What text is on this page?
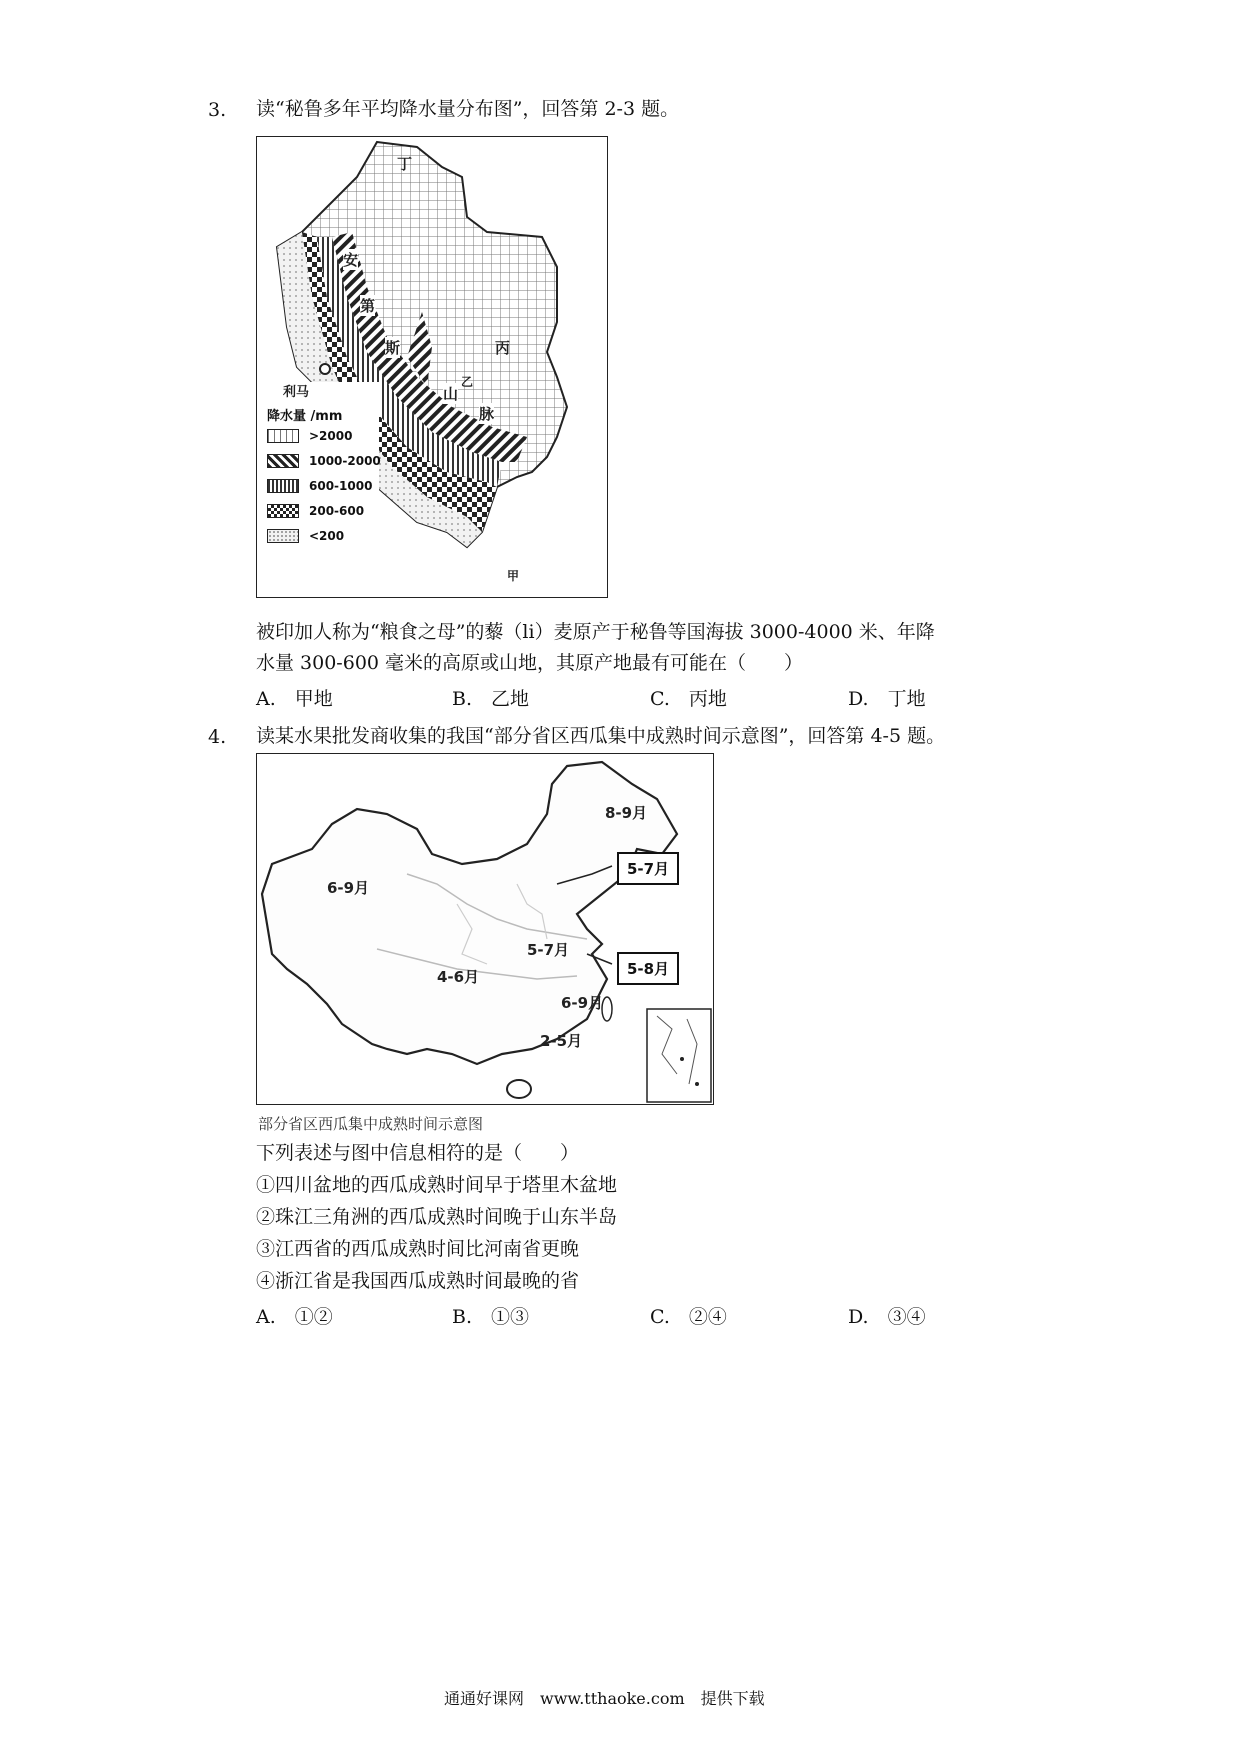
3. 读“秘鲁多年平均降水量分布图”，回答第 2-3 题。
丁
安
第
斯	丙
山
脉
乙
甲
利马
降水量 /mm
>2000
1000-2000
600-1000
200-600
<200
被印加人称为“粮食之母”的藜（li）麦原产于秘鲁等国海拔 3000-4000 米、年降
水量 300-600 毫米的高原或山地，其原产地最有可能在（　　）
A.　甲地	B.　乙地	C.　丙地	D.　丁地
4. 读某水果批发商收集的我国“部分省区西瓜集中成熟时间示意图”，回答第 4-5 题。
8-9月
6-9月
5-7月
4-6月
6-9月
2-5月
5-7月
5-8月
部分省区西瓜集中成熟时间示意图
下列表述与图中信息相符的是（　　）
①四川盆地的西瓜成熟时间早于塔里木盆地
②珠江三角洲的西瓜成熟时间晚于山东半岛
③江西省的西瓜成熟时间比河南省更晚
④浙江省是我国西瓜成熟时间最晚的省
A.　①②	B.　①③	C.　②④	D.　③④
通通好课网　www.tthaoke.com　提供下载
